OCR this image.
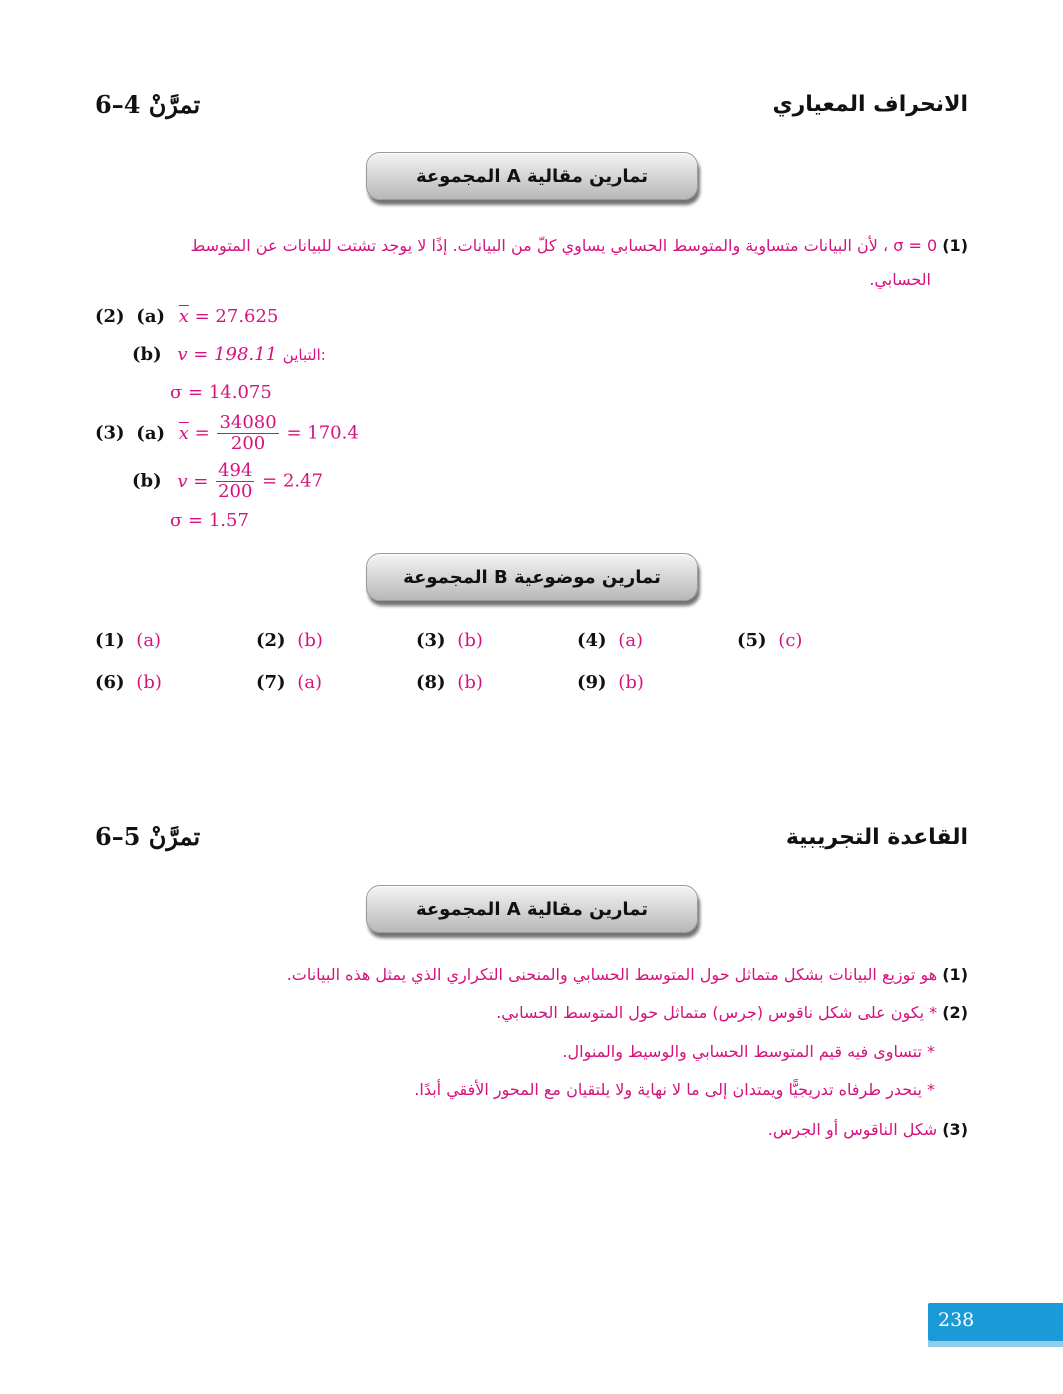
الانحراف المعياري
تمرَّنْ 4–6
المجموعة A تمارين مقالية
(1) σ = 0 ، لأن البيانات متساوية والمتوسط الحسابي يساوي كلّ من البيانات. إذًا لا يوجد تشتت للبيانات عن المتوسط
الحسابي.
(2) (a) $\overline{x} = 27.625$
(b) v = 198.11 التباين:
σ = 14.075
(3) (a) $\overline{x} = \frac{34080}{200} = 170.4$
(b) $v = \frac{494}{200} = 2.47$
σ = 1.57
المجموعة B تمارين موضوعية
(1) (a)	(2) (b)	(3) (b)	(4) (a)	(5) (c)
(6) (b)	(7) (a)	(8) (b)	(9) (b)
القاعدة التجريبية
تمرَّنْ 5–6
المجموعة A تمارين مقالية
(1) هو توزيع البيانات بشكل متماثل حول المتوسط الحسابي والمنحنى التكراري الذي يمثل هذه البيانات.
(2) * يكون على شكل ناقوس (جرس) متماثل حول المتوسط الحسابي.
* تتساوى فيه قيم المتوسط الحسابي والوسيط والمنوال.
* ينحدر طرفاه تدريجيًّا ويمتدان إلى ما لا نهاية ولا يلتقيان مع المحور الأفقي أبدًا.
(3) شكل الناقوس أو الجرس.
238
